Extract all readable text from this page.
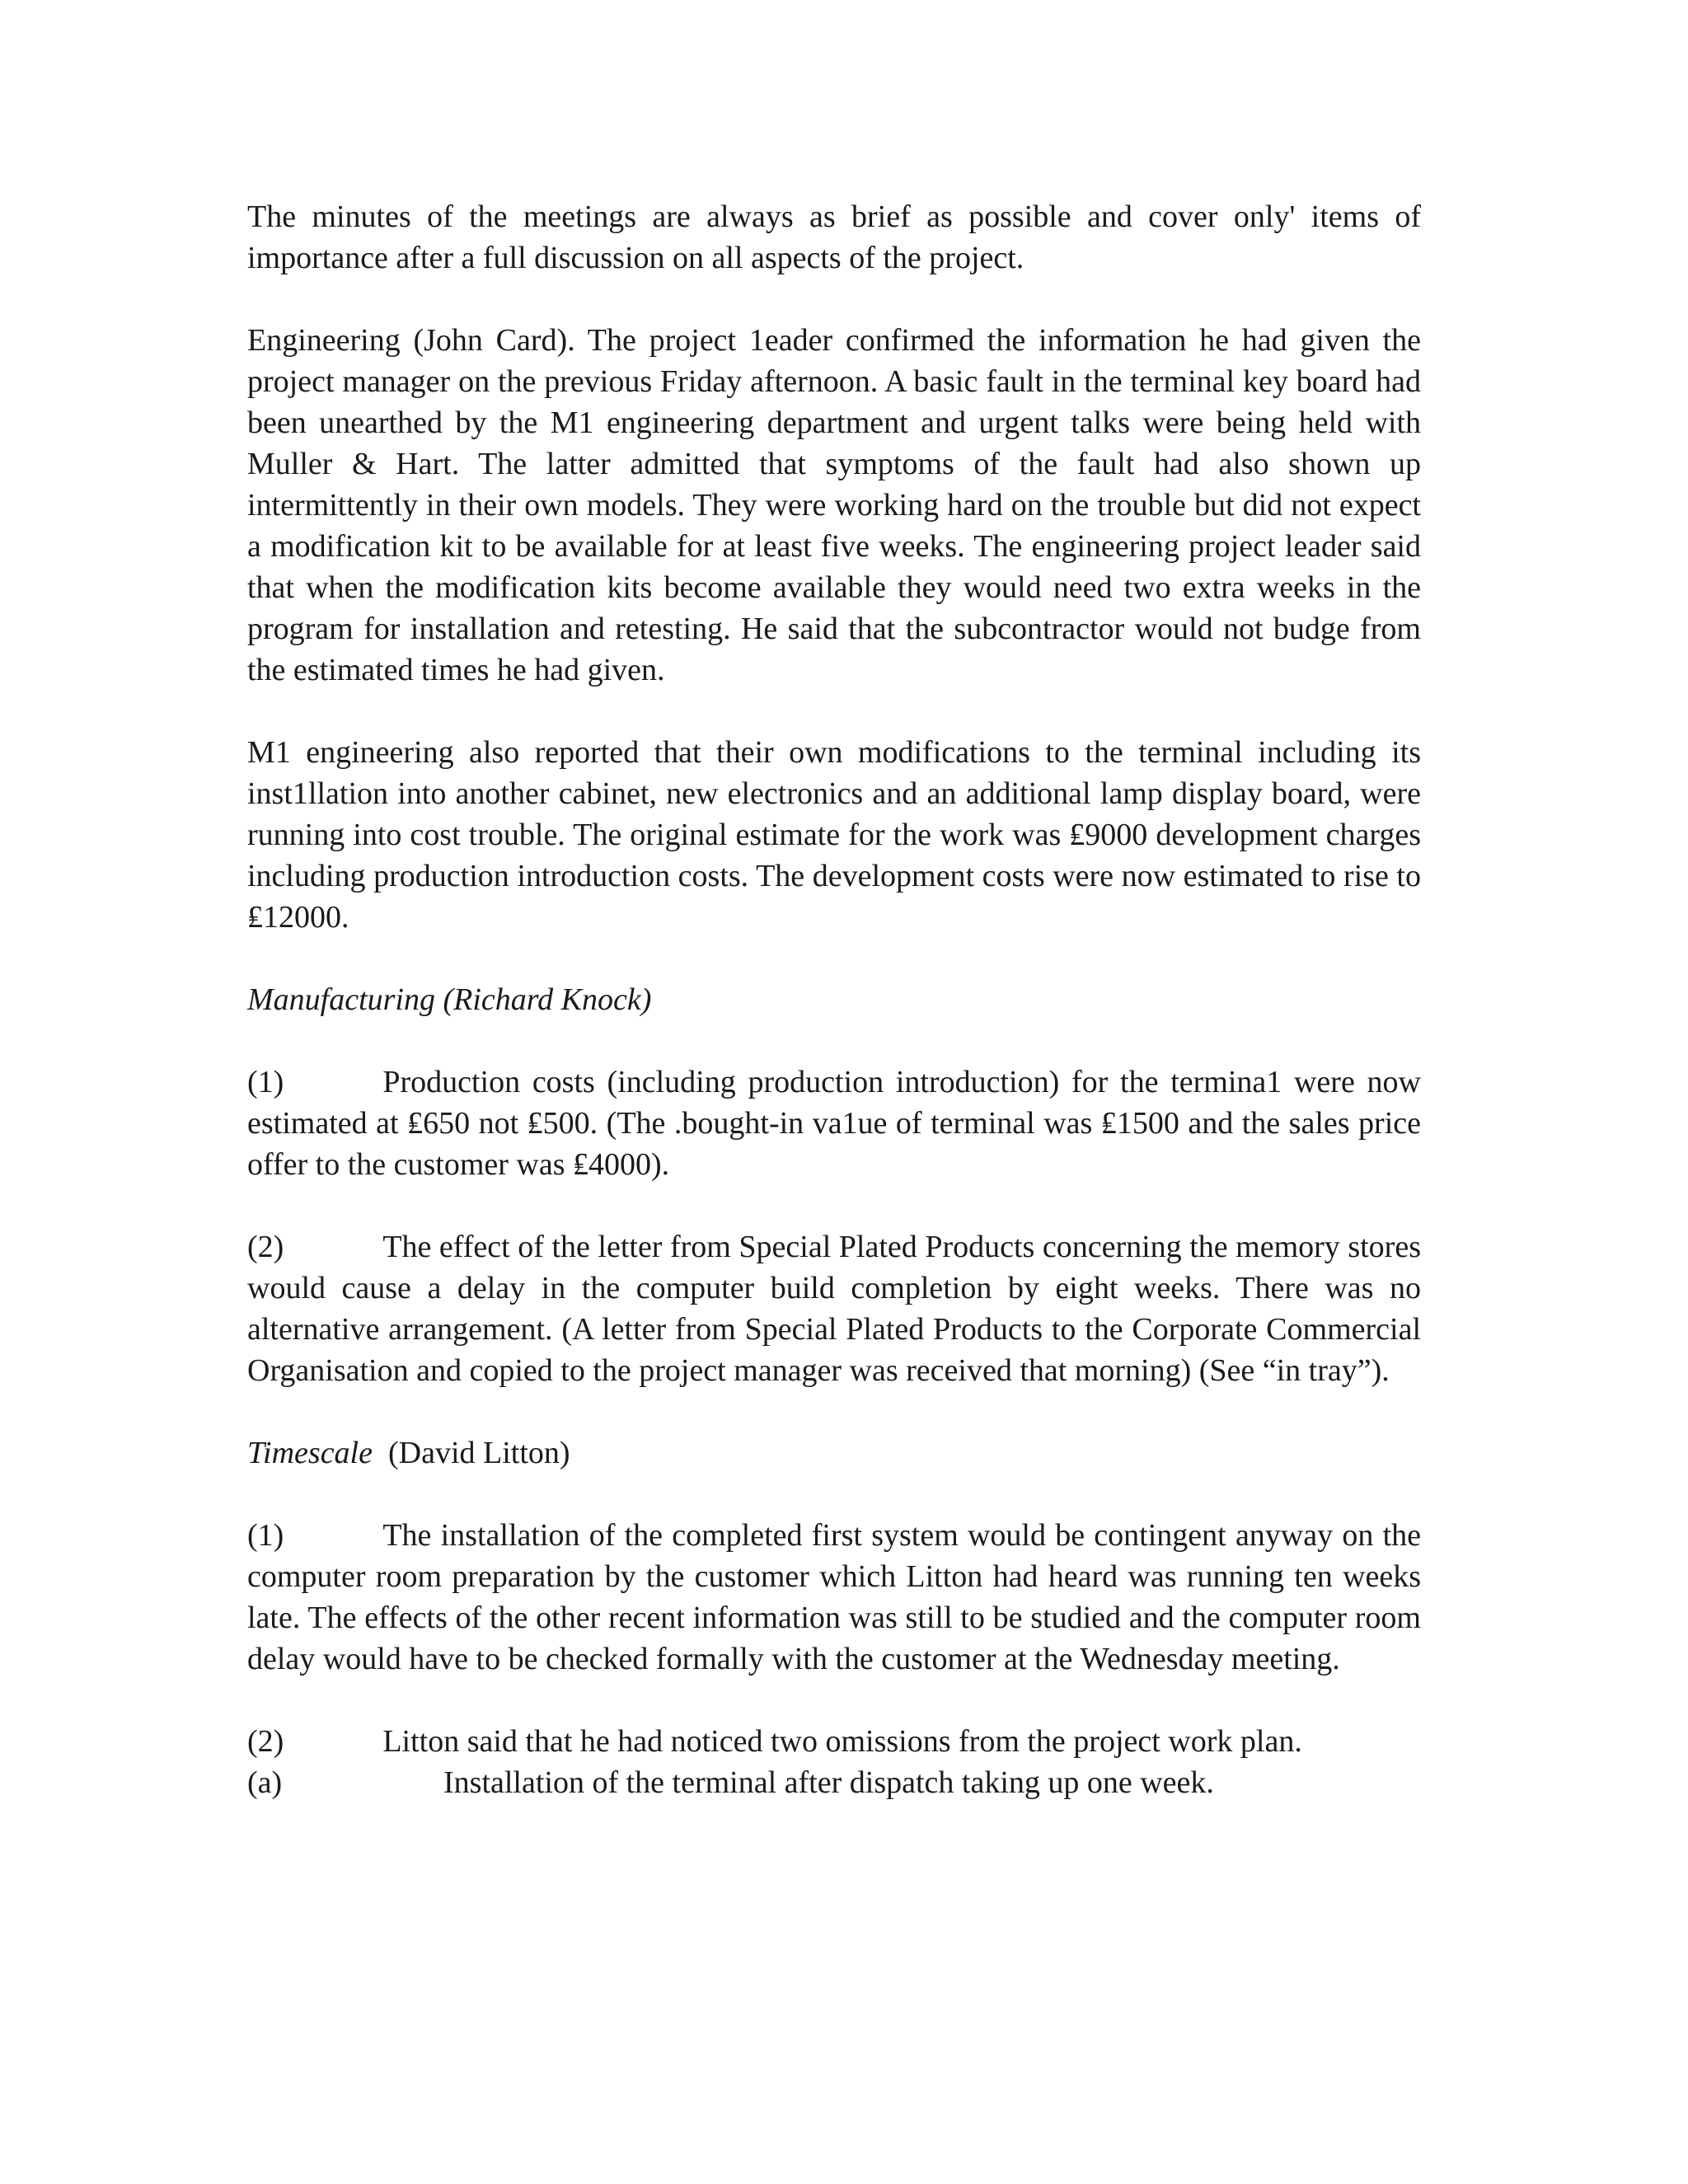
The minutes of the meetings are always as brief as possible and cover only' items of importance after a full discussion on all aspects of the project.

Engineering (John Card). The project 1eader confirmed the information he had given the project manager on the previous Friday afternoon. A basic fault in the terminal key board had been unearthed by the M1 engineering department and urgent talks were being held with Muller & Hart. The latter admitted that symptoms of the fault had also shown up intermittently in their own models. They were working hard on the trouble but did not expect a modification kit to be available for at least five weeks. The engineering project leader said that when the modification kits become available they would need two extra weeks in the program for installation and retesting. He said that the subcontractor would not budge from the estimated times he had given.

M1 engineering also reported that their own modifications to the terminal including its inst1llation into another cabinet, new electronics and an additional lamp display board, were running into cost trouble. The original estimate for the work was ₤9000 development charges including production introduction costs. The development costs were now estimated to rise to ₤12000.

Manufacturing (Richard Knock)

(1)	Production costs (including production introduction) for the termina1 were now estimated at ₤650 not ₤500. (The .bought-in va1ue of terminal was ₤1500 and the sales price offer to the customer was ₤4000).

(2)	The effect of the letter from Special Plated Products concerning the memory stores would cause a delay in the computer build completion by eight weeks. There was no alternative arrangement. (A letter from Special Plated Products to the Corporate Commercial Organisation and copied to the project manager was received that morning) (See “in tray”).

Timescale (David Litton)

(1)	The installation of the completed first system would be contingent anyway on the computer room preparation by the customer which Litton had heard was running ten weeks late. The effects of the other recent information was still to be studied and the computer room delay would have to be checked formally with the customer at the Wednesday meeting.

(2)	Litton said that he had noticed two omissions from the project work plan.

(a)	Installation of the terminal after dispatch taking up one week.
